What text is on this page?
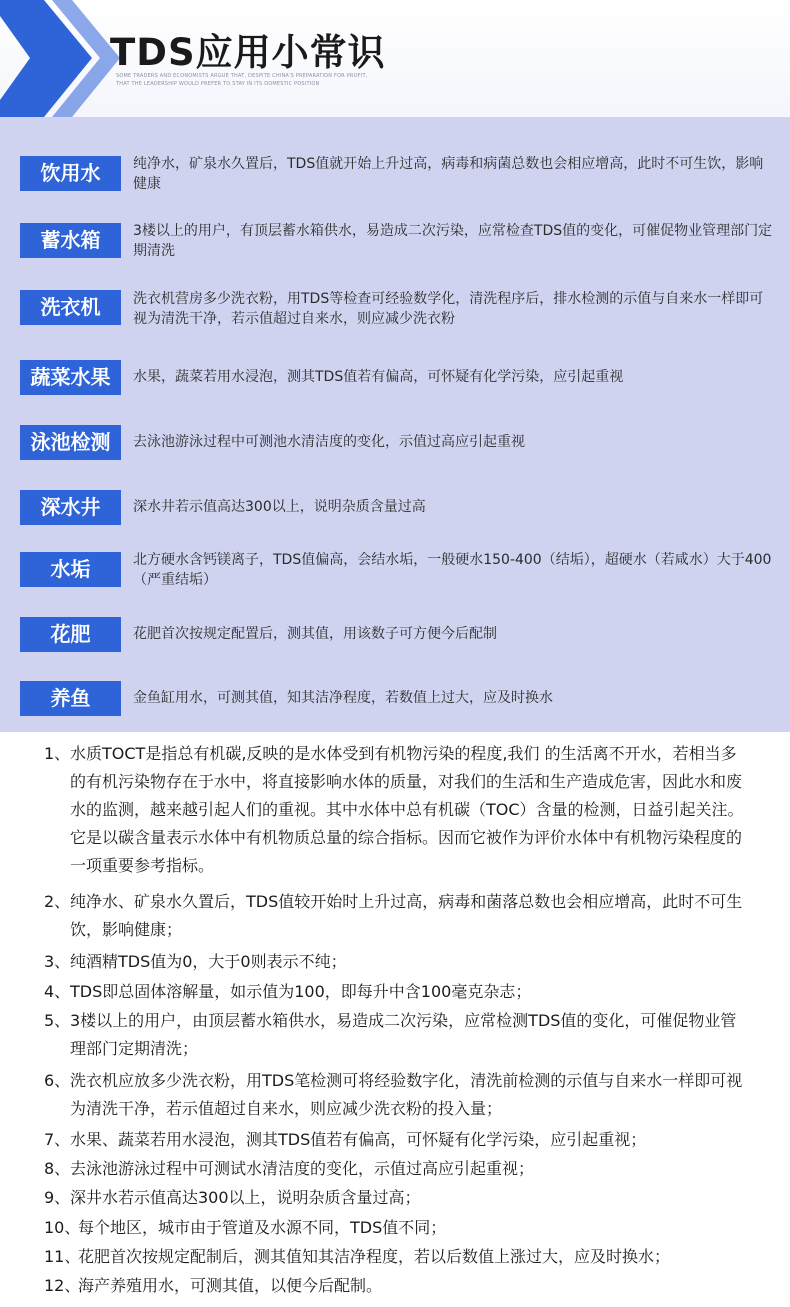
TDS应用小常识
SOME TRADERS AND ECONOMISTS ARGUE THAT, DESPITE CHINA'S PREPARATION FOR PROFIT, THAT THE LEADERSHIP WOULD PREFER TO STAY IN ITS DOMESTIC POSITION
饮用水	纯净水，矿泉水久置后，TDS值就开始上升过高，病毒和病菌总数也会相应增高，此时不可生饮，影响健康
蓄水箱	3楼以上的用户，有顶层蓄水箱供水，易造成二次污染，应常检查TDS值的变化，可催促物业管理部门定期清洗
洗衣机	洗衣机营房多少洗衣粉，用TDS等检查可经验数学化，清洗程序后，排水检测的示值与自来水一样即可视为清洗干净，若示值超过自来水，则应减少洗衣粉
蔬菜水果	水果，蔬菜若用水浸泡，测其TDS值若有偏高，可怀疑有化学污染，应引起重视
泳池检测	去泳池游泳过程中可测池水清洁度的变化，示值过高应引起重视
深水井	深水井若示值高达300以上，说明杂质含量过高
水垢	北方硬水含钙镁离子，TDS值偏高，会结水垢，一般硬水150-400（结垢），超硬水（若咸水）大于400（严重结垢）
花肥	花肥首次按规定配置后，测其值，用该数子可方便今后配制
养鱼	金鱼缸用水，可测其值，知其洁净程度，若数值上过大，应及时换水
1、 水质TOCT是指总有机碳,反映的是水体受到有机物污染的程度,我们 的生活离不开水，若相当多的有机污染物存在于水中，将直接影响水体的质量，对我们的生活和生产造成危害，因此水和废水的监测，越来越引起人们的重视。其中水体中总有机碳（TOC）含量的检测，日益引起关注。它是以碳含量表示水体中有机物质总量的综合指标。因而它被作为评价水体中有机物污染程度的一项重要参考指标。
2、 纯净水、矿泉水久置后，TDS值较开始时上升过高，病毒和菌落总数也会相应增高，此时不可生饮，影响健康；
3、 纯酒精TDS值为0，大于0则表示不纯；
4、 TDS即总固体溶解量，如示值为100，即每升中含100毫克杂志；
5、 3楼以上的用户，由顶层蓄水箱供水，易造成二次污染，应常检测TDS值的变化，可催促物业管理部门定期清洗；
6、 洗衣机应放多少洗衣粉，用TDS笔检测可将经验数字化，清洗前检测的示值与自来水一样即可视为清洗干净，若示值超过自来水，则应减少洗衣粉的投入量；
7、 水果、蔬菜若用水浸泡，测其TDS值若有偏高，可怀疑有化学污染，应引起重视；
8、 去泳池游泳过程中可测试水清洁度的变化，示值过高应引起重视；
9、 深井水若示值高达300以上，说明杂质含量过高；
10、
每个地区，城市由于管道及水源不同，TDS值不同；
11、
花肥首次按规定配制后，测其值知其洁净程度，若以后数值上涨过大，应及时换水；
12、
海产养殖用水，可测其值，以便今后配制。
